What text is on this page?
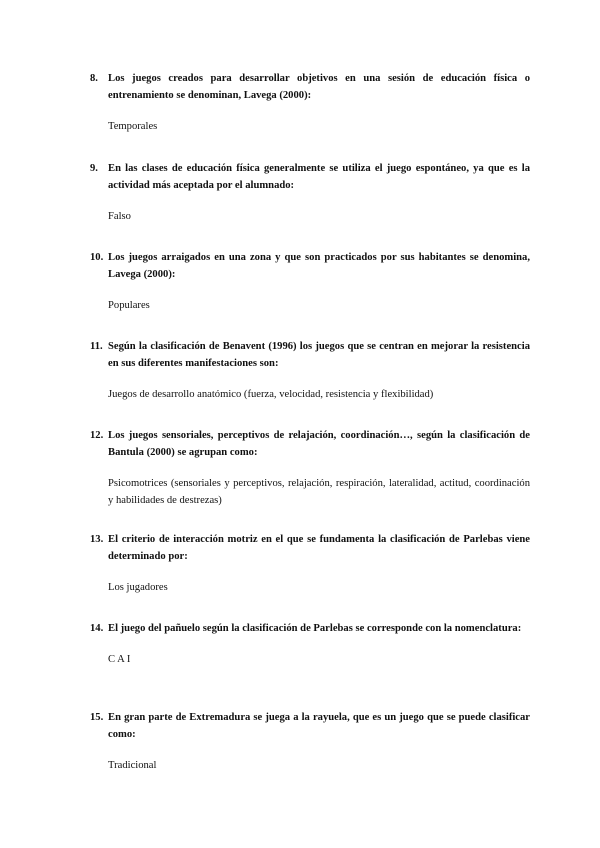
8. Los juegos creados para desarrollar objetivos en una sesión de educación física o entrenamiento se denominan, Lavega (2000):
Temporales
9. En las clases de educación física generalmente se utiliza el juego espontáneo, ya que es la actividad más aceptada por el alumnado:
Falso
10. Los juegos arraigados en una zona y que son practicados por sus habitantes se denomina, Lavega (2000):
Populares
11. Según la clasificación de Benavent (1996) los juegos que se centran en mejorar la resistencia en sus diferentes manifestaciones son:
Juegos de desarrollo anatómico (fuerza, velocidad, resistencia y flexibilidad)
12. Los juegos sensoriales, perceptivos de relajación, coordinación…, según la clasificación de Bantula (2000) se agrupan como:
Psicomotrices (sensoriales y perceptivos, relajación, respiración, lateralidad, actitud, coordinación y habilidades de destrezas)
13. El criterio de interacción motriz en el que se fundamenta la clasificación de Parlebas viene determinado por:
Los jugadores
14. El juego del pañuelo según la clasificación de Parlebas se corresponde con la nomenclatura:
C A I
15. En gran parte de Extremadura se juega a la rayuela, que es un juego que se puede clasificar como:
Tradicional
